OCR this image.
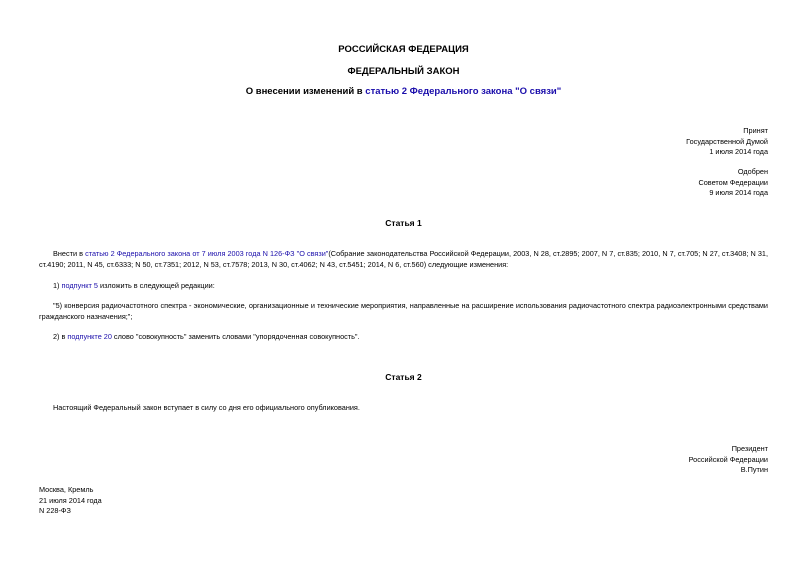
РОССИЙСКАЯ ФЕДЕРАЦИЯ
ФЕДЕРАЛЬНЫЙ ЗАКОН
О внесении изменений в статью 2 Федерального закона "О связи"
Принят
Государственной Думой
1 июля 2014 года
Одобрен
Советом Федерации
9 июля 2014 года
Статья 1
Внести в статью 2 Федерального закона от 7 июля 2003 года N 126-ФЗ "О связи"(Собрание законодательства Российской Федерации, 2003, N 28, ст.2895; 2007, N 7, ст.835; 2010, N 7, ст.705; N 27, ст.3408; N 31, ст.4190; 2011, N 45, ст.6333; N 50, ст.7351; 2012, N 53, ст.7578; 2013, N 30, ст.4062; N 43, ст.5451; 2014, N 6, ст.560) следующие изменения:
1) подпункт 5 изложить в следующей редакции:
"5) конверсия радиочастотного спектра - экономические, организационные и технические мероприятия, направленные на расширение использования радиочастотного спектра радиоэлектронными средствами гражданского назначения;";
2) в подпункте 20 слово "совокупность" заменить словами "упорядоченная совокупность".
Статья 2
Настоящий Федеральный закон вступает в силу со дня его официального опубликования.
Президент
Российской Федерации
В.Путин
Москва, Кремль
21 июля 2014 года
N 228-ФЗ
